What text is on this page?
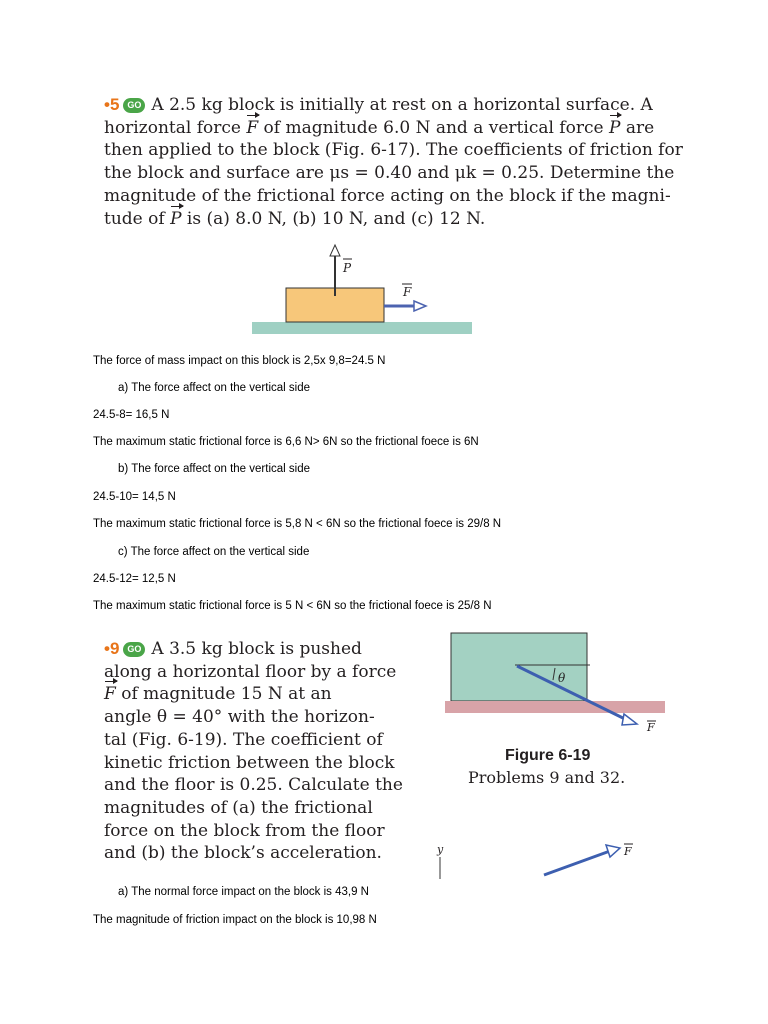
•5 GO A 2.5 kg block is initially at rest on a horizontal surface. A
horizontal force F of magnitude 6.0 N and a vertical force P are
then applied to the block (Fig. 6-17). The coefficients of friction for
the block and surface are μs = 0.40 and μk = 0.25. Determine the
magnitude of the frictional force acting on the block if the magni-
tude of P is (a) 8.0 N, (b) 10 N, and (c) 12 N.
P
F
The force of mass impact on this block is 2,5x 9,8=24.5 N
a) The force affect on the vertical side
24.5-8= 16,5 N
The maximum static frictional force is 6,6 N> 6N so the frictional foece is 6N
b) The force affect on the vertical side
24.5-10= 14,5 N
The maximum static frictional force is 5,8 N < 6N so the frictional foece is 29/8 N
c) The force affect on the vertical side
24.5-12= 12,5 N
The maximum static frictional force is 5 N < 6N so the frictional foece is 25/8 N
•9 GO A 3.5 kg block is pushed
along a horizontal floor by a force
F of magnitude 15 N at an
angle θ = 40° with the horizon-
tal (Fig. 6-19). The coefficient of
kinetic friction between the block
and the floor is 0.25. Calculate the
magnitudes of (a) the frictional
force on the block from the floor
and (b) the block’s acceleration.
θ
F
Figure 6-19
Problems 9 and 32.
y	F
a) The normal force impact on the block is 43,9 N
The magnitude of friction impact on the block is 10,98 N
